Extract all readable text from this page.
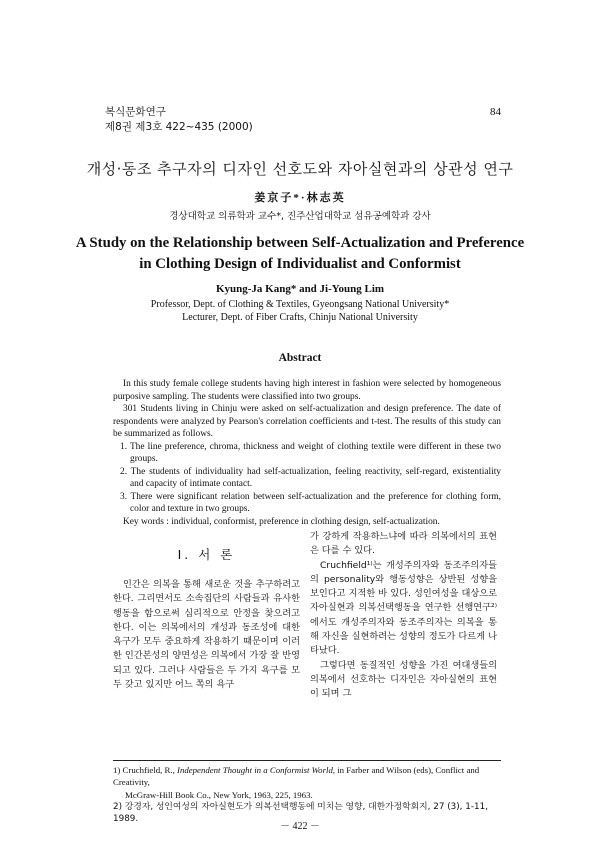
복식문화연구
제8권 제3호 422~435 (2000)
84
개성·동조 추구자의 디자인 선호도와 자아실현과의 상관성 연구
姜京子*·林志英
경상대학교 의류학과 교수*, 진주산업대학교 섬유공예학과 강사
A Study on the Relationship between Self-Actualization and Preference
in Clothing Design of Individualist and Conformist
Kyung-Ja Kang* and Ji-Young Lim
Professor, Dept. of Clothing & Textiles, Gyeongsang National University*
Lecturer, Dept. of Fiber Crafts, Chinju National University
Abstract

In this study female college students having high interest in fashion were selected by homogeneous purposive sampling. The students were classified into two groups.

301 Students living in Chinju were asked on self-actualization and design preference. The date of respondents were analyzed by Pearson's correlation coefficients and t-test. The results of this study can be summarized as follows.

1. The line preference, chroma, thickness and weight of clothing textile were different in these two groups.

2. The students of individuality had self-actualization, feeling reactivity, self-regard, existentiality and capacity of intimate contact.

3. There were significant relation between self-actualization and the preference for clothing form, color and texture in two groups.

Key words : individual, conformist, preference in clothing design, self-actualization.

Ⅰ. 서 론

인간은 의복을 통해 새로운 것을 추구하려고 한다. 그리면서도 소속집단의 사람들과 유사한 행동을 함으로써 심리적으로 안정을 찾으려고 한다. 이는 의복에서의 개성과 동조성에 대한 욕구가 모두 중요하게 작용하기 때문이며 이러한 인간본성의 양면성은 의복에서 가장 잘 반영되고 있다. 그러나 사람들은 두 가지 욕구를 모두 갖고 있지만 어느 쪽의 욕구

가 강하게 작용하느냐에 따라 의복에서의 표현은 다를 수 있다.

Cruchfield¹⁾는 개성주의자와 동조주의자들의 personality와 행동성향은 상반된 성향을 보인다고 지적한 바 있다. 성인여성을 대상으로 자아실현과 의복선택행동을 연구한 선행연구²⁾에서도 개성주의자와 동조주의자는 의복을 통해 자신을 실현하려는 성향의 정도가 다르게 나타났다.

그렇다면 동질적인 성향을 가진 여대생들의 의복에서 선호하는 디자인은 자아실현의 표현이 되며 그

1) Cruchfield, R., Independent Thought in a Conformist World, in Farber and Wilson (eds), Conflict and Creativity,

McGraw-Hill Book Co., New York, 1963, 225, 1963.

2) 강경자, 성인여성의 자아실현도가 의복선택행동에 미치는 영향, 대한가정학회지, 27 (3), 1-11, 1989.

－ 422 －
